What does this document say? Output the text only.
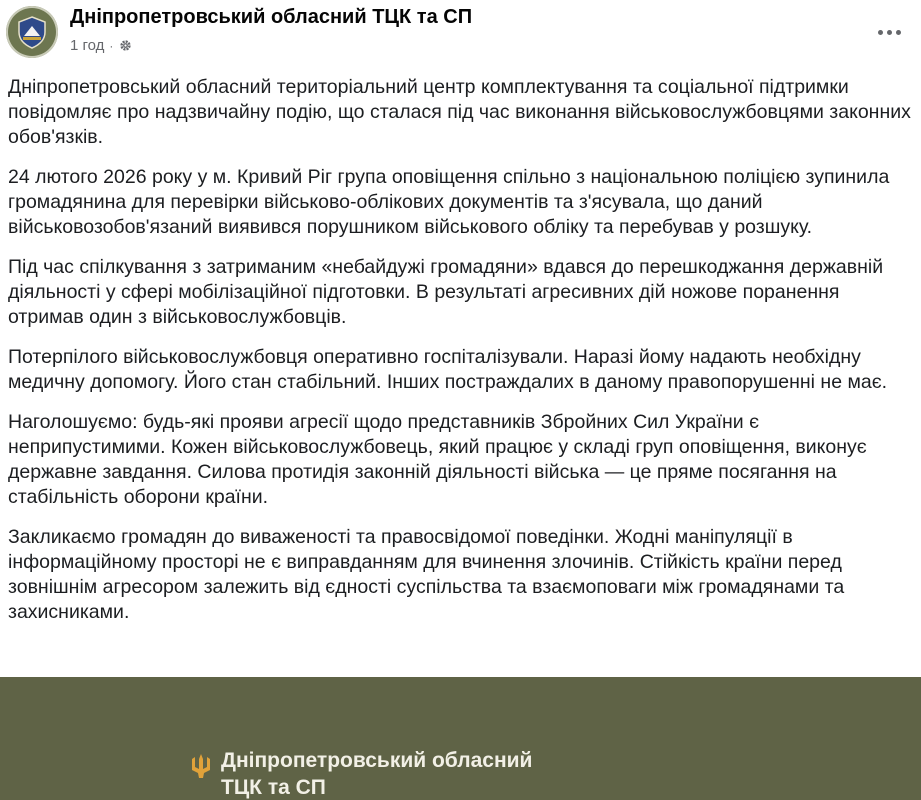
Дніпропетровський обласний ТЦК та СП
1 год ·

Дніпропетровський обласний територіальний центр комплектування та соціальної підтримки повідомляє про надзвичайну подію, що сталася під час виконання військовослужбовцями законних обов'язків.

24 лютого 2026 року у м. Кривий Ріг група оповіщення спільно з національною поліцією зупинила громадянина для перевірки військово-облікових документів та з'ясувала, що даний військовозобов'язаний виявився порушником військового обліку та перебував у розшуку.

Під час спілкування з затриманим «небайдужі громадяни» вдався до перешкоджання державній діяльності у сфері мобілізаційної підготовки. В результаті агресивних дій ножове поранення отримав один з військовослужбовців.

Потерпілого військовослужбовця оперативно госпіталізували. Наразі йому надають необхідну медичну допомогу. Його стан стабільний. Інших постраждалих в даному правопорушенні не має.

Наголошуємо: будь-які прояви агресії щодо представників Збройних Сил України є неприпустимими. Кожен військовослужбовець, який працює у складі груп оповіщення, виконує державне завдання. Силова протидія законній діяльності війська — це пряме посягання на стабільність оборони країни.

Закликаємо громадян до виваженості та правосвідомої поведінки. Жодні маніпуляції в інформаційному просторі не є виправданням для вчинення злочинів. Стійкість країни перед зовнішнім агресором залежить від єдності суспільства та взаємоповаги між громадянами та захисниками.

Дніпропетровський обласний
ТЦК та СП
